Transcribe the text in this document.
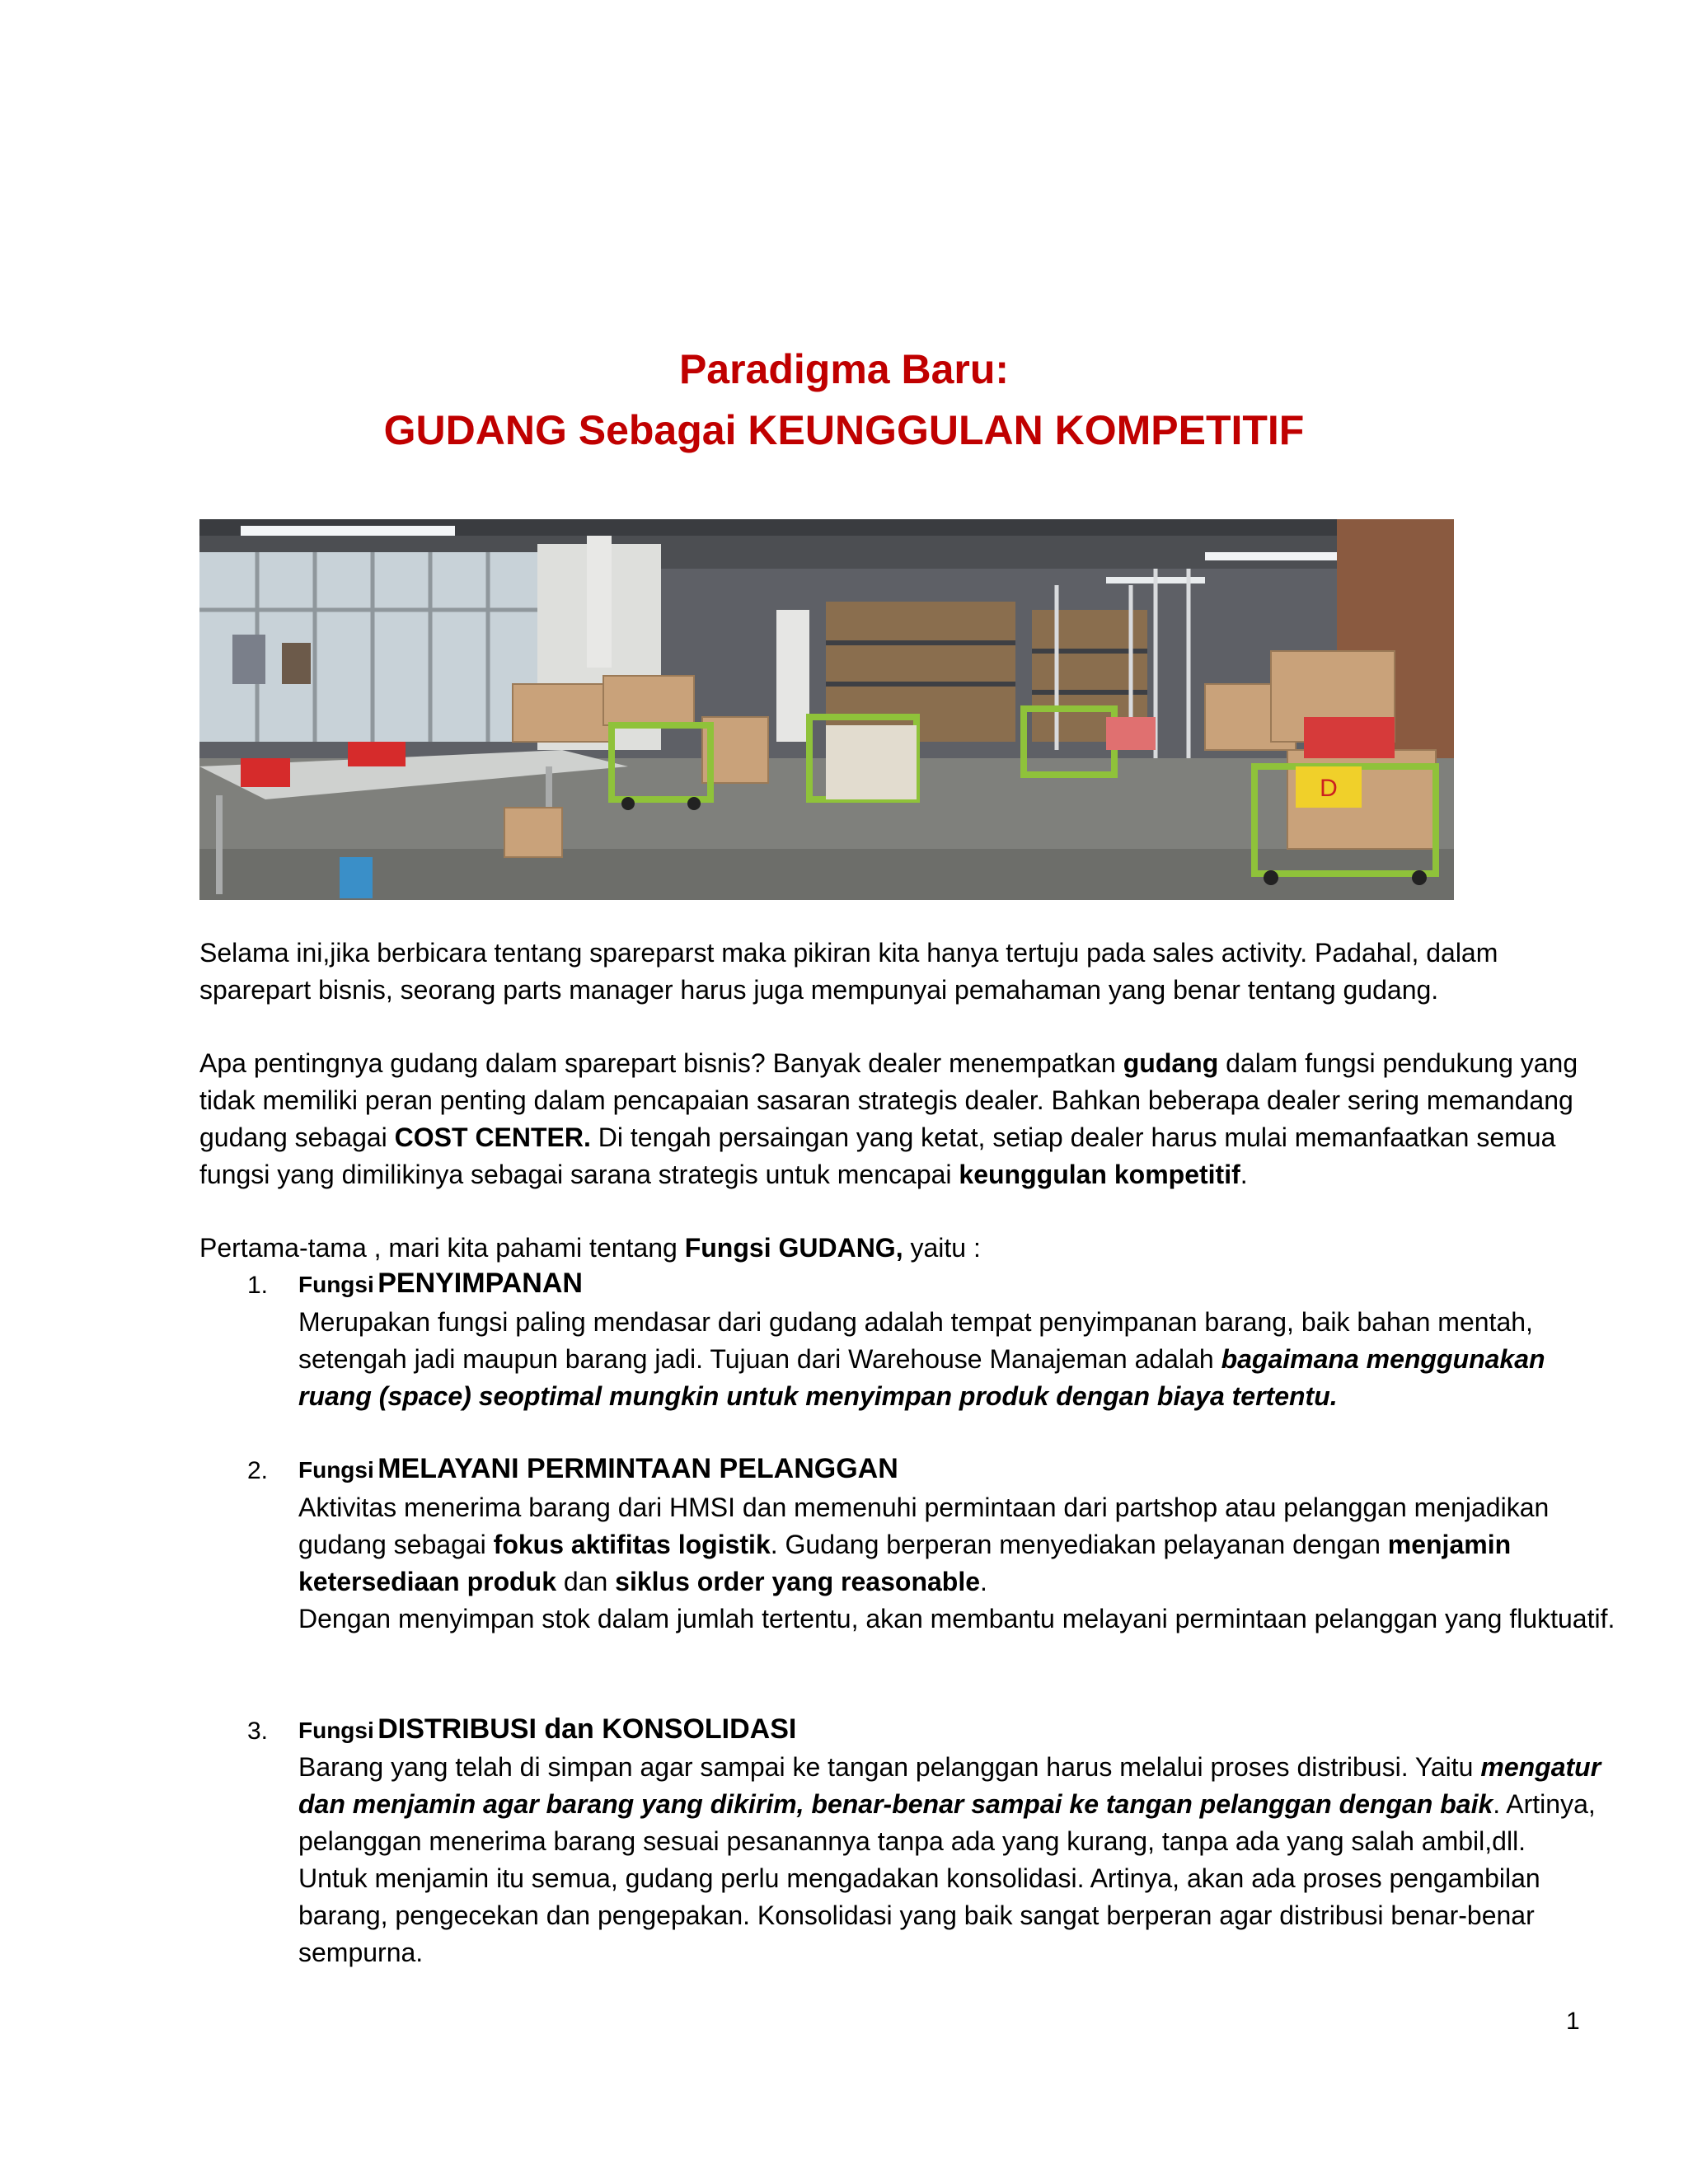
Paradigma Baru:
GUDANG Sebagai KEUNGGULAN KOMPETITIF
D

Selama ini,jika berbicara tentang spareparst maka pikiran kita hanya tertuju pada sales activity. Padahal, dalam sparepart bisnis, seorang parts manager harus juga mempunyai pemahaman yang benar tentang gudang.

Apa pentingnya gudang dalam sparepart bisnis? Banyak dealer menempatkan gudang dalam fungsi pendukung yang tidak memiliki peran penting dalam pencapaian sasaran strategis dealer. Bahkan beberapa dealer sering memandang gudang sebagai COST CENTER. Di tengah persaingan yang ketat, setiap dealer harus mulai memanfaatkan semua fungsi yang dimilikinya sebagai sarana strategis untuk mencapai keunggulan kompetitif.

Pertama-tama , mari kita pahami tentang Fungsi GUDANG, yaitu :

1. Fungsi PENYIMPANAN

Merupakan fungsi paling mendasar dari gudang adalah tempat penyimpanan barang, baik bahan mentah, setengah jadi maupun barang jadi. Tujuan dari Warehouse Manajeman adalah bagaimana menggunakan ruang (space) seoptimal mungkin untuk menyimpan produk dengan biaya tertentu.

2. Fungsi MELAYANI PERMINTAAN PELANGGAN

Aktivitas menerima barang dari HMSI dan memenuhi permintaan dari partshop atau pelanggan menjadikan gudang sebagai fokus aktifitas logistik. Gudang berperan menyediakan pelayanan dengan menjamin ketersediaan produk dan siklus order yang reasonable.

Dengan menyimpan stok dalam jumlah tertentu, akan membantu melayani permintaan pelanggan yang fluktuatif.

3. Fungsi DISTRIBUSI dan KONSOLIDASI

Barang yang telah di simpan agar sampai ke tangan pelanggan harus melalui proses distribusi. Yaitu mengatur dan menjamin agar barang yang dikirim, benar-benar sampai ke tangan pelanggan dengan baik. Artinya, pelanggan menerima barang sesuai pesanannya tanpa ada yang kurang, tanpa ada yang salah ambil,dll.

Untuk menjamin itu semua, gudang perlu mengadakan konsolidasi. Artinya, akan ada proses pengambilan barang, pengecekan dan pengepakan. Konsolidasi yang baik sangat berperan agar distribusi benar-benar sempurna.

1
